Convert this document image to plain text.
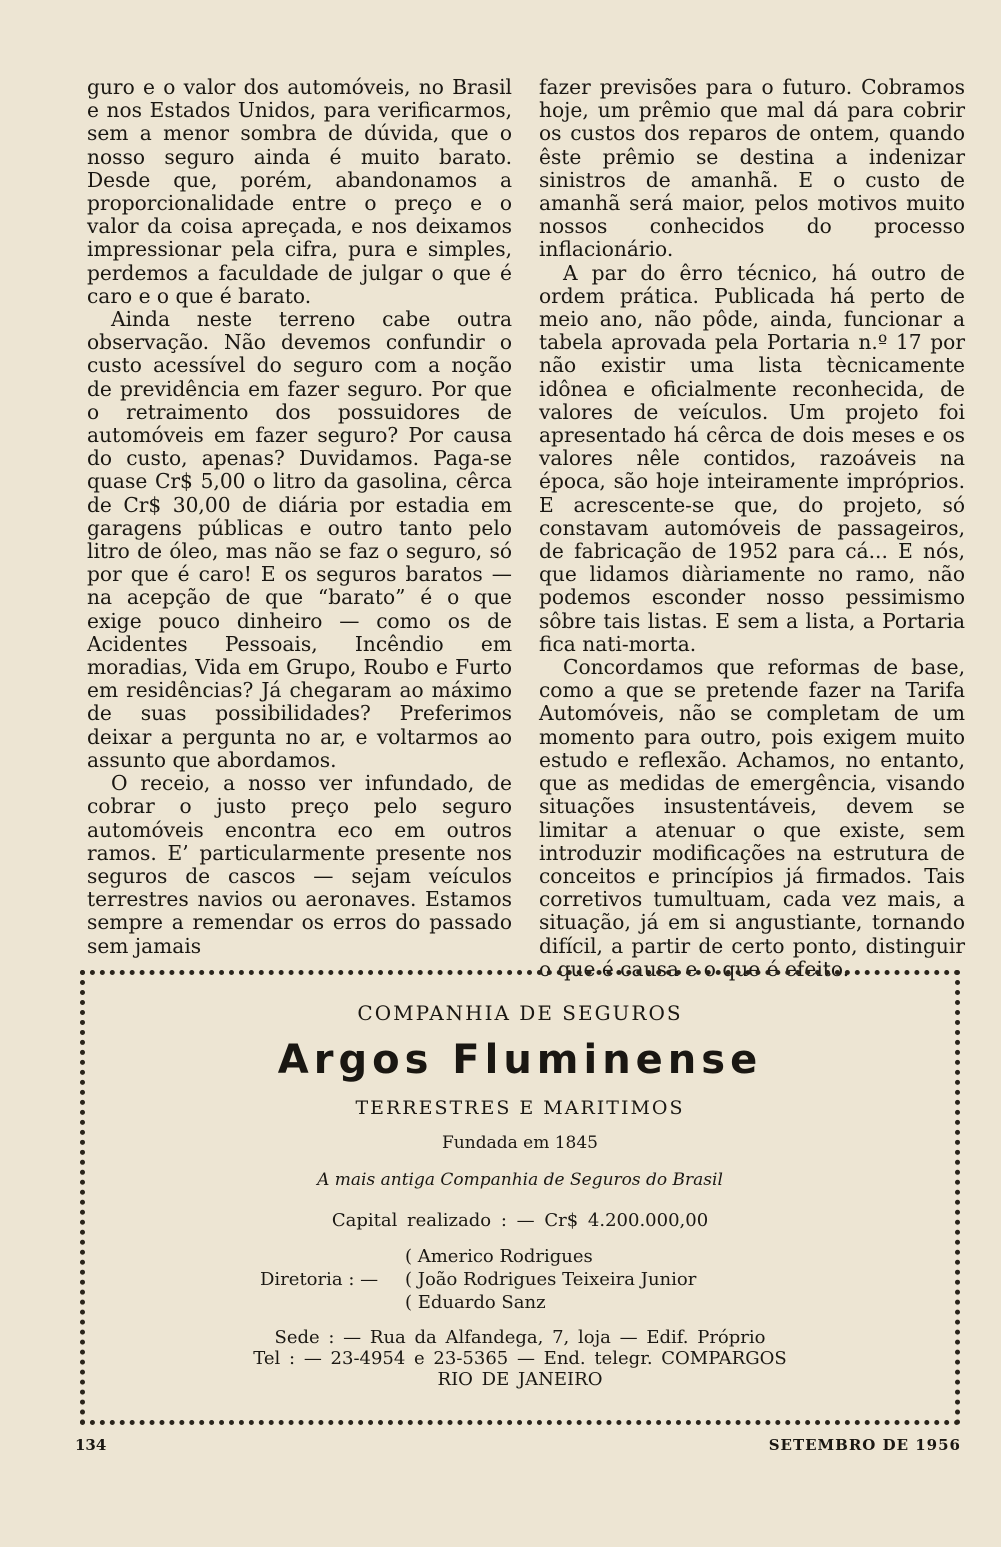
guro e o valor dos automóveis, no Brasil e nos Estados Unidos, para verificarmos, sem a menor sombra de dúvida, que o nosso seguro ainda é muito barato. Desde que, porém, abandonamos a proporcionalidade entre o preço e o valor da coisa apreçada, e nos deixamos impressionar pela cifra, pura e simples, perdemos a faculdade de julgar o que é caro e o que é barato.

Ainda neste terreno cabe outra observação. Não devemos confundir o custo acessível do seguro com a noção de previdência em fazer seguro. Por que o retraimento dos possuidores de automóveis em fazer seguro? Por causa do custo, apenas? Duvidamos. Paga-se quase Cr$ 5,00 o litro da gasolina, cêrca de Cr$ 30,00 de diária por estadia em garagens públicas e outro tanto pelo litro de óleo, mas não se faz o seguro, só por que é caro! E os seguros baratos — na acepção de que “barato” é o que exige pouco dinheiro — como os de Acidentes Pessoais, Incêndio em moradias, Vida em Grupo, Roubo e Furto em residências? Já chegaram ao máximo de suas possibilidades? Preferimos deixar a pergunta no ar, e voltarmos ao assunto que abordamos.

O receio, a nosso ver infundado, de cobrar o justo preço pelo seguro automóveis encontra eco em outros ramos. E’ particularmente presente nos seguros de cascos — sejam veículos terrestres navios ou aeronaves. Estamos sempre a remendar os erros do passado sem jamais

fazer previsões para o futuro. Cobramos hoje, um prêmio que mal dá para cobrir os custos dos reparos de ontem, quando êste prêmio se destina a indenizar sinistros de amanhã. E o custo de amanhã será maior, pelos motivos muito nossos conhecidos do processo inflacionário.

A par do êrro técnico, há outro de ordem prática. Publicada há perto de meio ano, não pôde, ainda, funcionar a tabela aprovada pela Portaria n.º 17 por não existir uma lista tècnicamente idônea e oficialmente reconhecida, de valores de veículos. Um projeto foi apresentado há cêrca de dois meses e os valores nêle contidos, razoáveis na época, são hoje inteiramente impróprios. E acrescente-se que, do projeto, só constavam automóveis de passageiros, de fabricação de 1952 para cá... E nós, que lidamos diàriamente no ramo, não podemos esconder nosso pessimismo sôbre tais listas. E sem a lista, a Portaria fica nati-morta.

Concordamos que reformas de base, como a que se pretende fazer na Tarifa Automóveis, não se completam de um momento para outro, pois exigem muito estudo e reflexão. Achamos, no entanto, que as medidas de emergência, visando situações insustentáveis, devem se limitar a atenuar o que existe, sem introduzir modificações na estrutura de conceitos e princípios já firmados. Tais corretivos tumultuam, cada vez mais, a situação, já em si angustiante, tornando difícil, a partir de certo ponto, distinguir o que é causa e o que é efeito.

COMPANHIA DE SEGUROS
Argos Fluminense
TERRESTRES E MARITIMOS
Fundada em 1845
A mais antiga Companhia de Seguros do Brasil
Capital realizado : — Cr$ 4.200.000,00
Diretoria : —
( Americo Rodrigues
( João Rodrigues Teixeira Junior
( Eduardo Sanz
Sede : — Rua da Alfandega, 7, loja — Edif. Próprio
Tel : — 23-4954 e 23-5365 — End. telegr. COMPARGOS
RIO DE JANEIRO
134	SETEMBRO DE 1956
